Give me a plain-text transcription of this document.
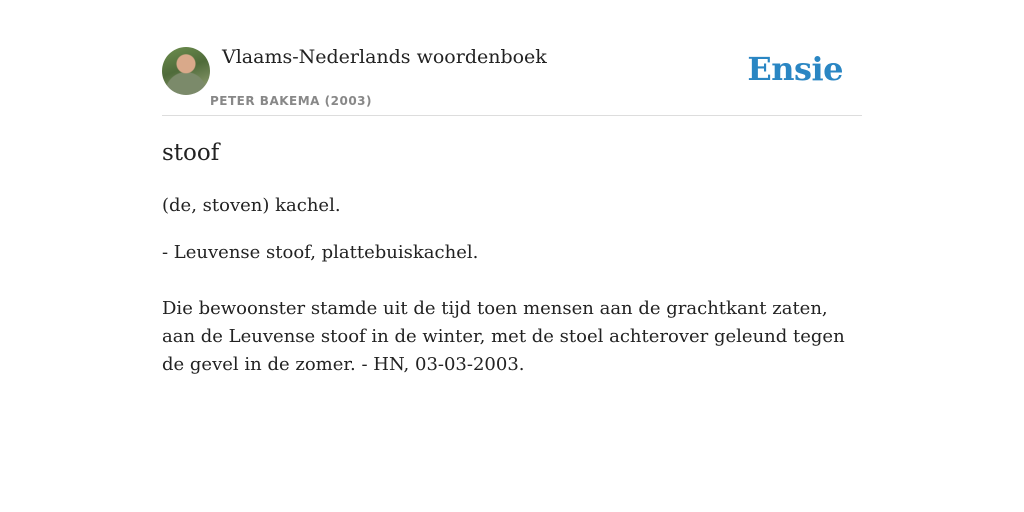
Vlaams-Nederlands woordenboek
PETER BAKEMA (2003)
Ensie
stoof
(de, stoven) kachel.
- Leuvense stoof, plattebuiskachel.
Die bewoonster stamde uit de tijd toen mensen aan de grachtkant zaten, aan de Leuvense stoof in de winter, met de stoel achterover geleund tegen de gevel in de zomer. - HN, 03-03-2003.
